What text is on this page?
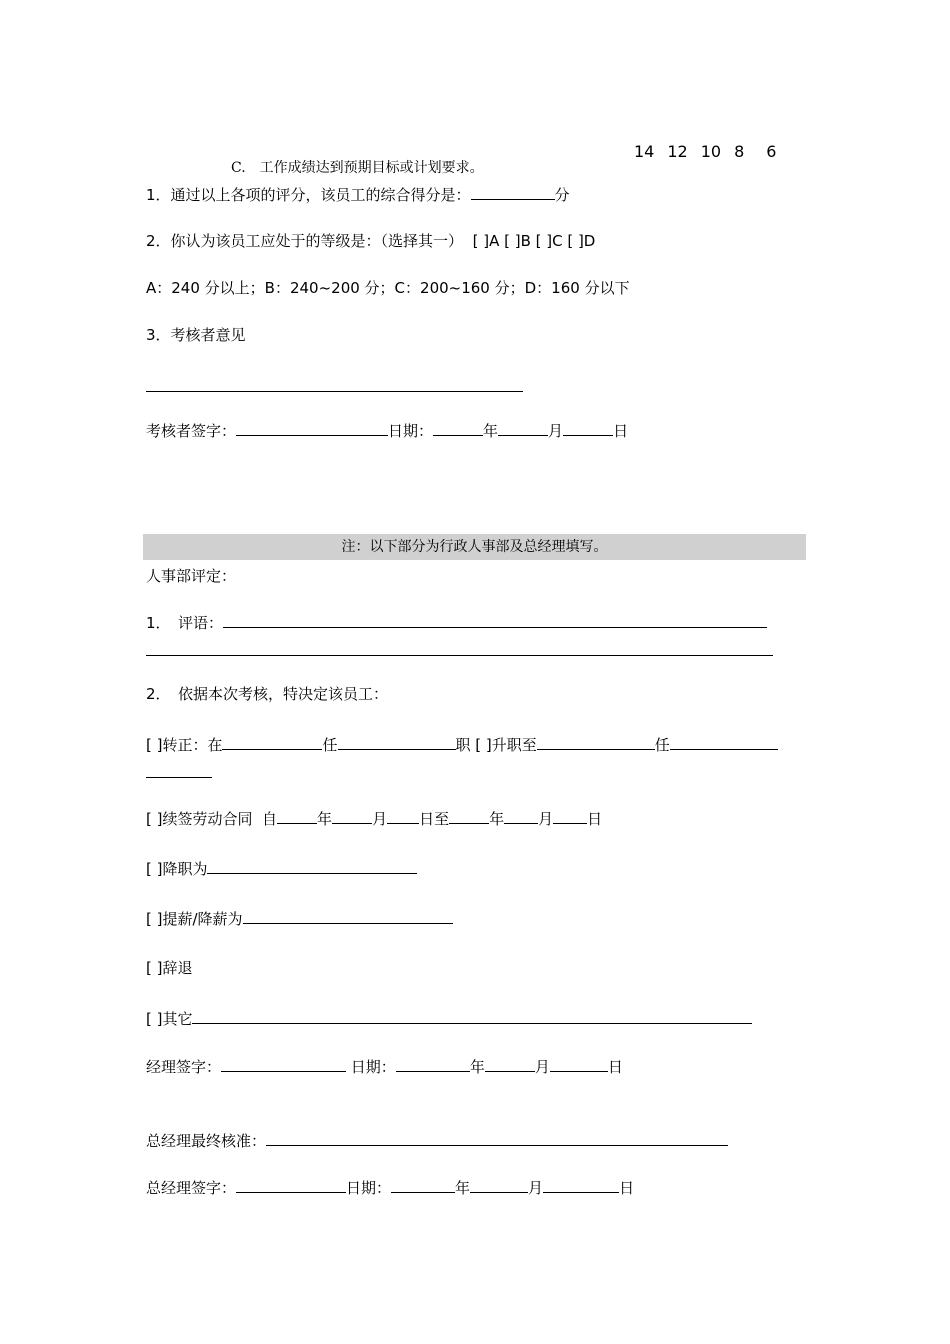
14 12 10 8 6
C.　工作成绩达到预期目标或计划要求。
1．通过以上各项的评分，该员工的综合得分是：	分
2．你认为该员工应处于的等级是：（选择其一） [ ]A [ ]B [ ]C [ ]D
A：240 分以上；B：240~200 分；C：200~160 分；D：160 分以下
3．考核者意见
考核者签字：	日期：	年	月	日
注：以下部分为行政人事部及总经理填写。
人事部评定：
1．　评语：
2．　依据本次考核，特决定该员工：
[ ]转正：在	任	职 [ ]升职至	任
[ ]续签劳动合同 自	年	月 日至	年 月 日
[ ]降职为
[ ]提薪/降薪为
[ ]辞退
[ ]其它
经理签字：	日期：	年	月	日
总经理最终核准：
总经理签字：	日期：	年	月	日
